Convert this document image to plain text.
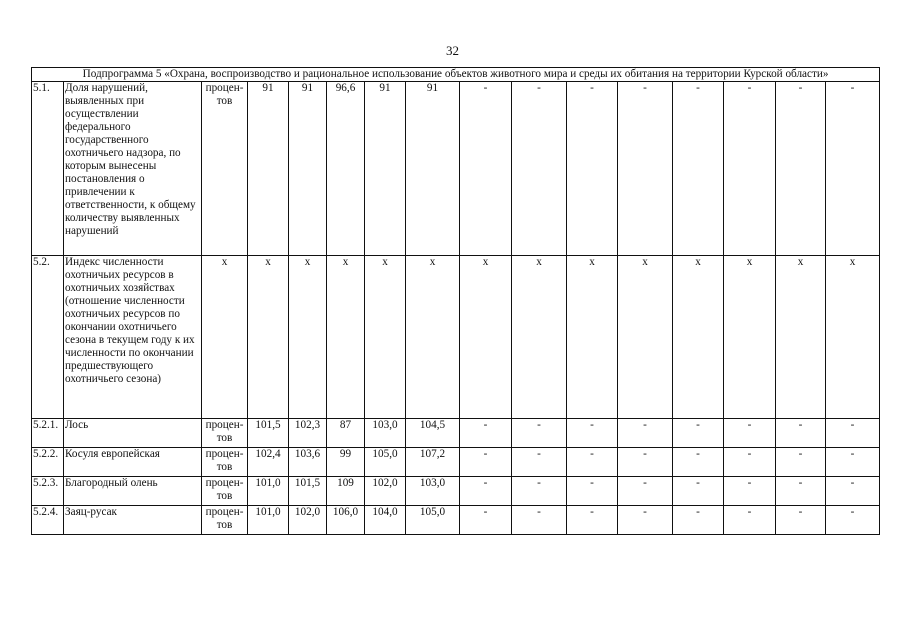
32
Подпрограмма 5 «Охрана, воспроизводство и рациональное использование объектов животного мира и среды их обитания на территории Курской области»															
5.1.	Доля нарушений, выявленных при осуществлении федерального государственного охотничьего надзора, по которым вынесены постановления о привлечении к ответственности, к общему количеству выявленных нарушений	процен-тов	91	91	96,6	91	91	-	-	-	-	-	-	-	-
5.2.	Индекс численности охотничьих ресурсов в охотничьих хозяйствах (отношение численности охотничьих ресурсов по окончании охотничьего сезона в текущем году к их численности по окончании предшествующего охотничьего сезона)	х	х	х	х	х	х	х	х	х	х	х	х	х	х
5.2.1.	Лось	процен-тов	101,5	102,3	87	103,0	104,5	-	-	-	-	-	-	-	-
5.2.2.	Косуля европейская	процен-тов	102,4	103,6	99	105,0	107,2	-	-	-	-	-	-	-	-
5.2.3.	Благородный олень	процен-тов	101,0	101,5	109	102,0	103,0	-	-	-	-	-	-	-	-
5.2.4.	Заяц-русак	процен-тов	101,0	102,0	106,0	104,0	105,0	-	-	-	-	-	-	-	-
